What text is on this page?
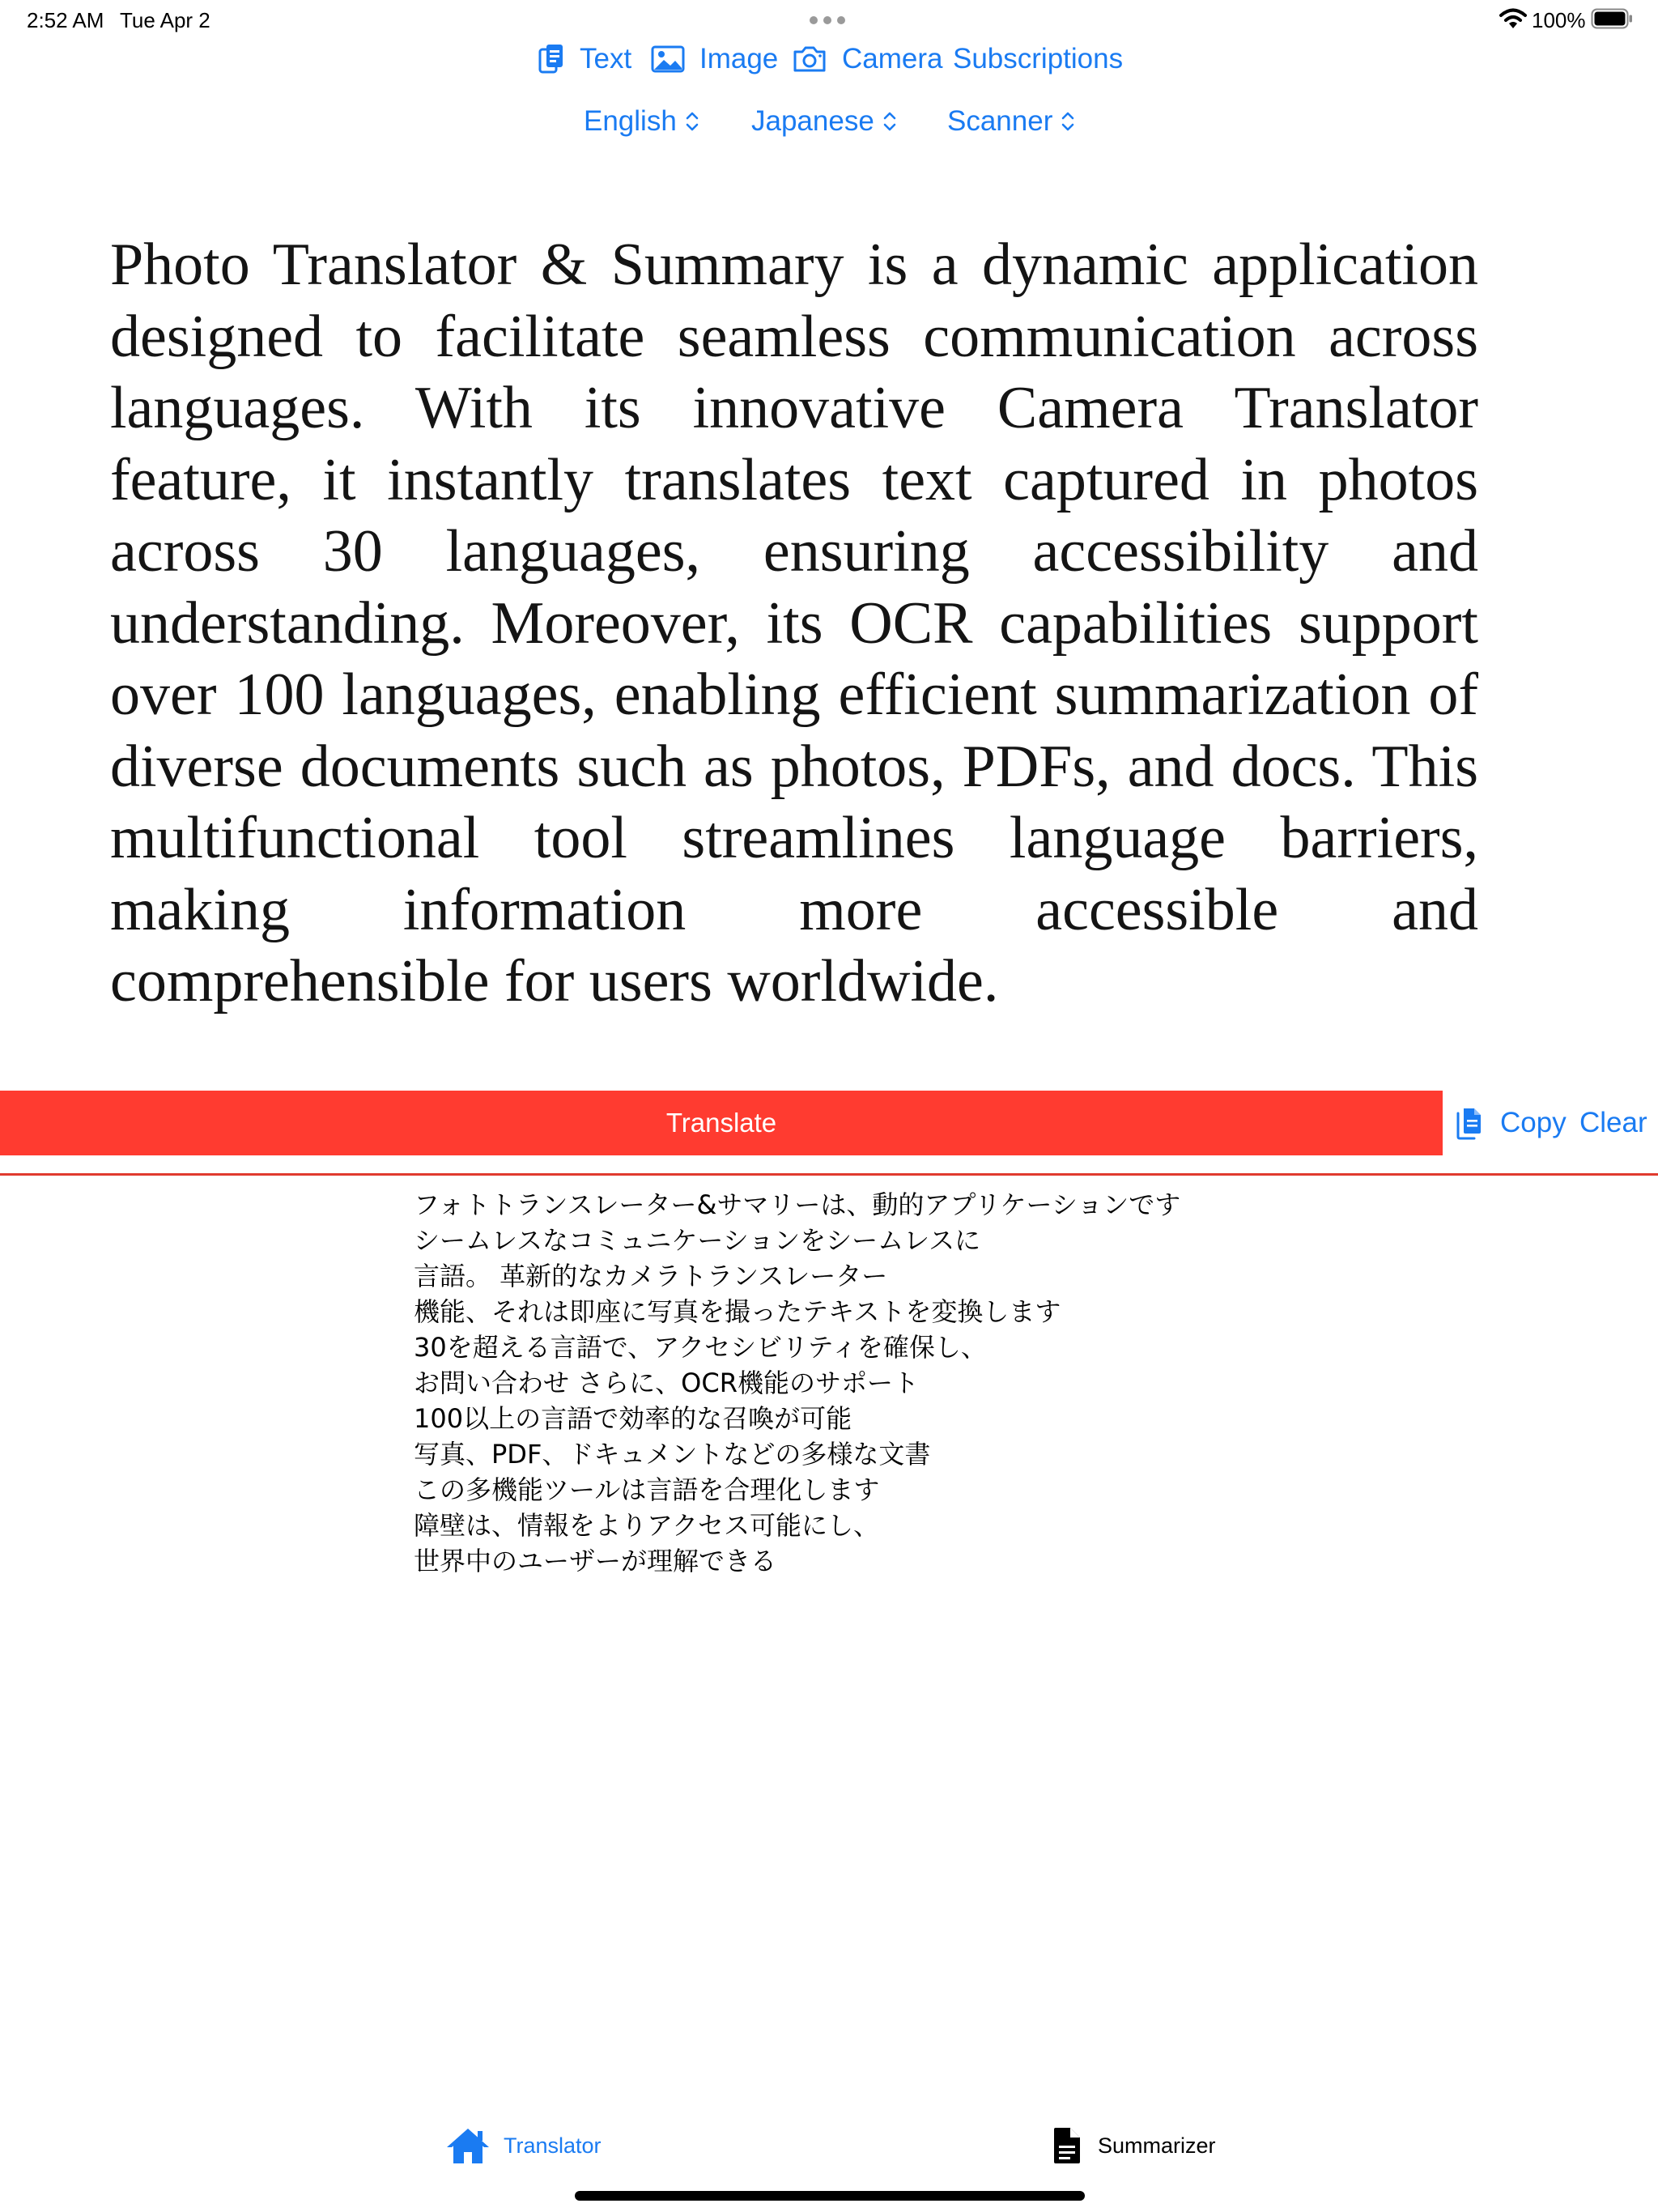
2:52 AM Tue Apr 2	100%
Text Image Camera Subscriptions
English	Japanese	Scanner

Photo Translator & Summary is a dynamic application designed to facilitate seamless communication across languages. With its innovative Camera Translator feature, it instantly translates text captured in photos across 30 languages, ensuring accessibility and understanding. Moreover, its OCR capabilities support over 100 languages, enabling efficient summarization of diverse documents such as photos, PDFs, and docs. This multifunctional tool streamlines language barriers, making information more accessible and comprehensible for users worldwide.

Translate	Copy Clear
フォトトランスレーター&サマリーは、動的アプリケーションです
シームレスなコミュニケーションをシームレスに
言語。 革新的なカメラトランスレーター
機能、それは即座に写真を撮ったテキストを変換します
30を超える言語で、アクセシビリティを確保し、
お問い合わせ さらに、OCR機能のサポート
100以上の言語で効率的な召喚が可能
写真、PDF、ドキュメントなどの多様な文書
この多機能ツールは言語を合理化します
障壁は、情報をよりアクセス可能にし、
世界中のユーザーが理解できる
Translator	Summarizer
